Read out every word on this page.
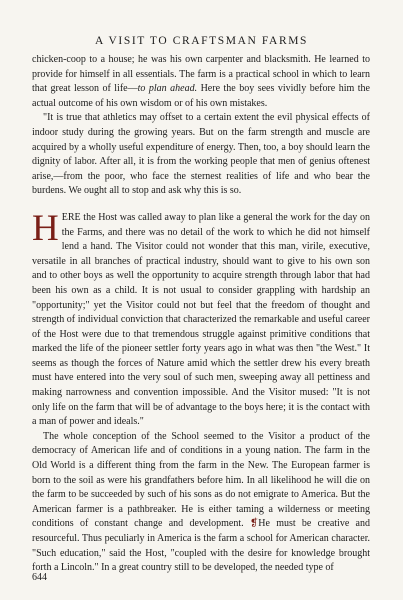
A VISIT TO CRAFTSMAN FARMS

chicken-coop to a house; he was his own carpenter and blacksmith. He learned to provide for himself in all essentials. The farm is a practical school in which to learn that great lesson of life—to plan ahead. Here the boy sees vividly before him the actual outcome of his own wisdom or of his own mistakes.

"It is true that athletics may offset to a certain extent the evil physical effects of indoor study during the growing years. But on the farm strength and muscle are acquired by a wholly useful expenditure of energy. Then, too, a boy should learn the dignity of labor. After all, it is from the working people that men of genius oftenest arise,—from the poor, who face the sternest realities of life and who bear the burdens. We ought all to stop and ask why this is so.

HERE the Host was called away to plan like a general the work for the day on the Farms, and there was no detail of the work to which he did not himself lend a hand. The Visitor could not wonder that this man, virile, executive, versatile in all branches of practical industry, should want to give to his own son and to other boys as well the opportunity to acquire strength through labor that had been his own as a child. It is not usual to consider grappling with hardship an "opportunity;" yet the Visitor could not but feel that the freedom of thought and strength of individual conviction that characterized the remarkable and useful career of the Host were due to that tremendous struggle against primitive conditions that marked the life of the pioneer settler forty years ago in what was then "the West." It seems as though the forces of Nature amid which the settler drew his every breath must have entered into the very soul of such men, sweeping away all pettiness and making narrowness and convention impossible. And the Visitor mused: "It is not only life on the farm that will be of advantage to the boys here; it is the contact with a man of power and ideals."

The whole conception of the School seemed to the Visitor a product of the democracy of American life and of conditions in a young nation. The farm in the Old World is a different thing from the farm in the New. The European farmer is born to the soil as were his grandfathers before him. In all likelihood he will die on the farm to be succeeded by such of his sons as do not emigrate to America. But the American farmer is a pathbreaker. He is either taming a wilderness or meeting conditions of constant change and development. ❡He must be creative and resourceful. Thus peculiarly in America is the farm a school for American character. "Such education," said the Host, "coupled with the desire for knowledge brought forth a Lincoln." In a great country still to be developed, the needed type of

644
